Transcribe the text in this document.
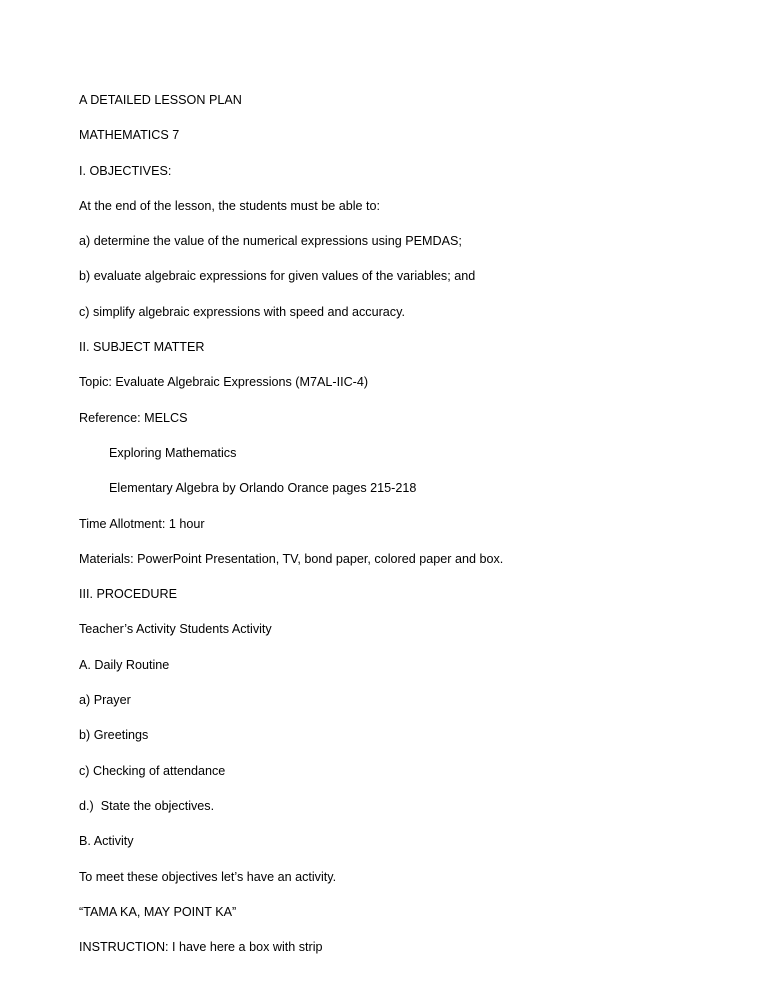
A DETAILED LESSON PLAN

MATHEMATICS 7

I. OBJECTIVES:

At the end of the lesson, the students must be able to:

a) determine the value of the numerical expressions using PEMDAS;

b) evaluate algebraic expressions for given values of the variables; and

c) simplify algebraic expressions with speed and accuracy.

II. SUBJECT MATTER

Topic: Evaluate Algebraic Expressions (M7AL-IIC-4)

Reference: MELCS

Exploring Mathematics

Elementary Algebra by Orlando Orance pages 215-218

Time Allotment: 1 hour

Materials: PowerPoint Presentation, TV, bond paper, colored paper and box.

III. PROCEDURE

Teacher’s Activity Students Activity

A. Daily Routine

a) Prayer

b) Greetings

c) Checking of attendance

d.)  State the objectives.

B. Activity

To meet these objectives let’s have an activity.

“TAMA KA, MAY POINT KA”

INSTRUCTION: I have here a box with strip
